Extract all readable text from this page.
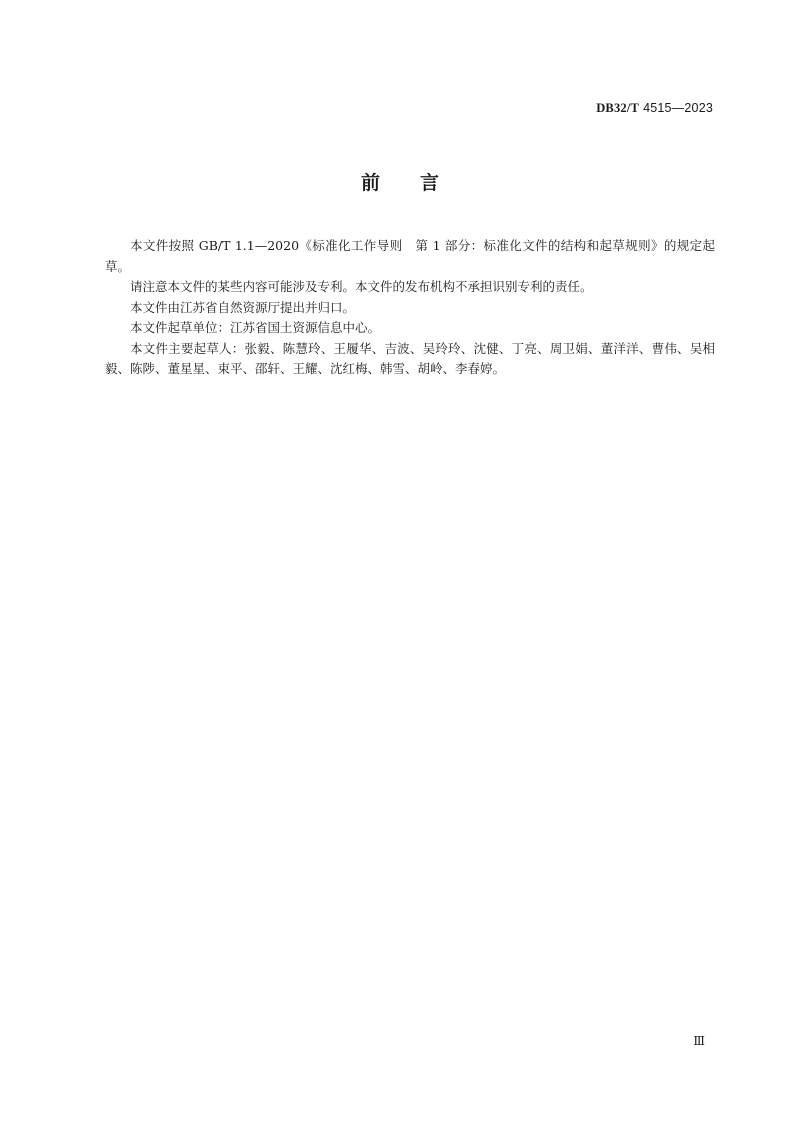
DB32/T 4515—2023
前言

本文件按照 GB/T 1.1—2020《标准化工作导则　第 1 部分：标准化文件的结构和起草规则》的规定起草。

请注意本文件的某些内容可能涉及专利。本文件的发布机构不承担识别专利的责任。

本文件由江苏省自然资源厅提出并归口。

本文件起草单位：江苏省国土资源信息中心。

本文件主要起草人：张毅、陈慧玲、王履华、吉波、吴玲玲、沈健、丁亮、周卫娟、董洋洋、曹伟、吴相毅、陈陟、董星星、束平、邵轩、王耀、沈红梅、韩雪、胡岭、李春婷。

Ⅲ
